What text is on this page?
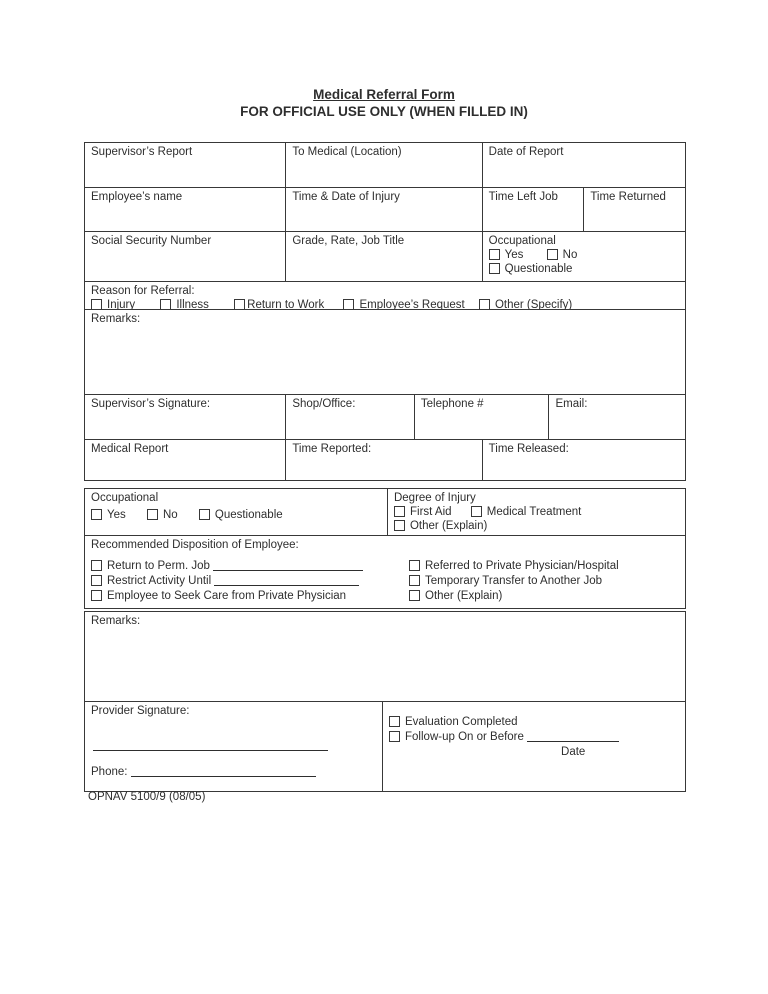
Medical Referral Form
FOR OFFICIAL USE ONLY (WHEN FILLED IN)
Supervisor’s Report	To Medical (Location)	Date of Report
Employee’s name	Time & Date of Injury	Time Left Job	Time Returned
Social Security Number	Grade, Rate, Job Title	Occupational
Yes	No
Questionable
Reason for Referral:
Injury	Illness	Return to Work	Employee’s Request	Other (Specify)
Remarks:
Supervisor’s Signature:	Shop/Office:	Telephone #	Email:
Medical Report	Time Reported:	Time Released:
Occupational
Yes	No	Questionable
Degree of Injury
First Aid	Medical Treatment
Other (Explain)
Recommended Disposition of Employee:
Return to Perm. Job
Restrict Activity Until
Employee to Seek Care from Private Physician
Referred to Private Physician/Hospital
Temporary Transfer to Another Job
Other (Explain)
Remarks:
Provider Signature:
Phone:
Evaluation Completed
Follow-up On or Before
Date
OPNAV 5100/9 (08/05)
